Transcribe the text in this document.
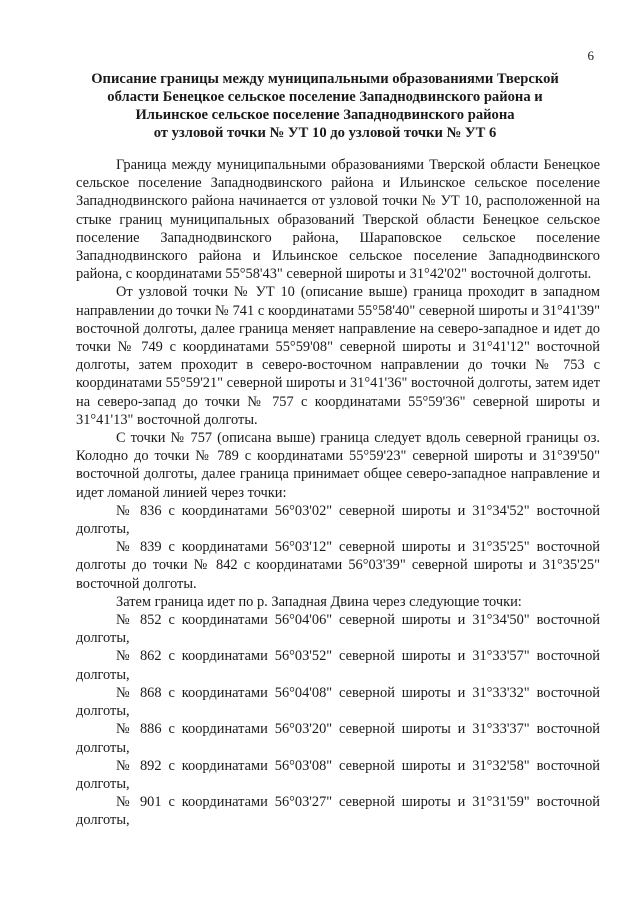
6
Описание границы между муниципальными образованиями Тверской
области Бенецкое сельское поселение Западнодвинского района и
Ильинское сельское поселение Западнодвинского района
от узловой точки № УТ 10 до узловой точки № УТ 6

Граница между муниципальными образованиями Тверской области Бенецкое сельское поселение Западнодвинского района и Ильинское сельское поселение Западнодвинского района начинается от узловой точки № УТ 10, расположенной на стыке границ муниципальных образований Тверской области Бенецкое сельское поселение Западнодвинского района, Шараповское сельское поселение Западнодвинского района и Ильинское сельское поселение Западнодвинского района, с координатами 55°58'43" северной широты и 31°42'02" восточной долготы.

От узловой точки № УТ 10 (описание выше) граница проходит в западном направлении до точки № 741 с координатами 55°58'40" северной широты и 31°41'39" восточной долготы, далее граница меняет направление на северо-западное и идет до точки № 749 с координатами 55°59'08" северной широты и 31°41'12" восточной долготы, затем проходит в северо-восточном направлении до точки № 753 с координатами 55°59'21" северной широты и 31°41'36" восточной долготы, затем идет на северо-запад до точки № 757 с координатами 55°59'36" северной широты и 31°41'13" восточной долготы.

С точки № 757 (описана выше) граница следует вдоль северной границы оз. Колодно до точки № 789 с координатами 55°59'23" северной широты и 31°39'50" восточной долготы, далее граница принимает общее северо-западное направление и идет ломаной линией через точки:

№ 836 с координатами 56°03'02" северной широты и 31°34'52" восточной долготы,

№ 839 с координатами 56°03'12" северной широты и 31°35'25" восточной долготы до точки № 842 с координатами 56°03'39" северной широты и 31°35'25" восточной долготы.

Затем граница идет по р. Западная Двина через следующие точки:

№ 852 с координатами 56°04'06" северной широты и 31°34'50" восточной долготы,

№ 862 с координатами 56°03'52" северной широты и 31°33'57" восточной долготы,

№ 868 с координатами 56°04'08" северной широты и 31°33'32" восточной долготы,

№ 886 с координатами 56°03'20" северной широты и 31°33'37" восточной долготы,

№ 892 с координатами 56°03'08" северной широты и 31°32'58" восточной долготы,

№ 901 с координатами 56°03'27" северной широты и 31°31'59" восточной долготы,
